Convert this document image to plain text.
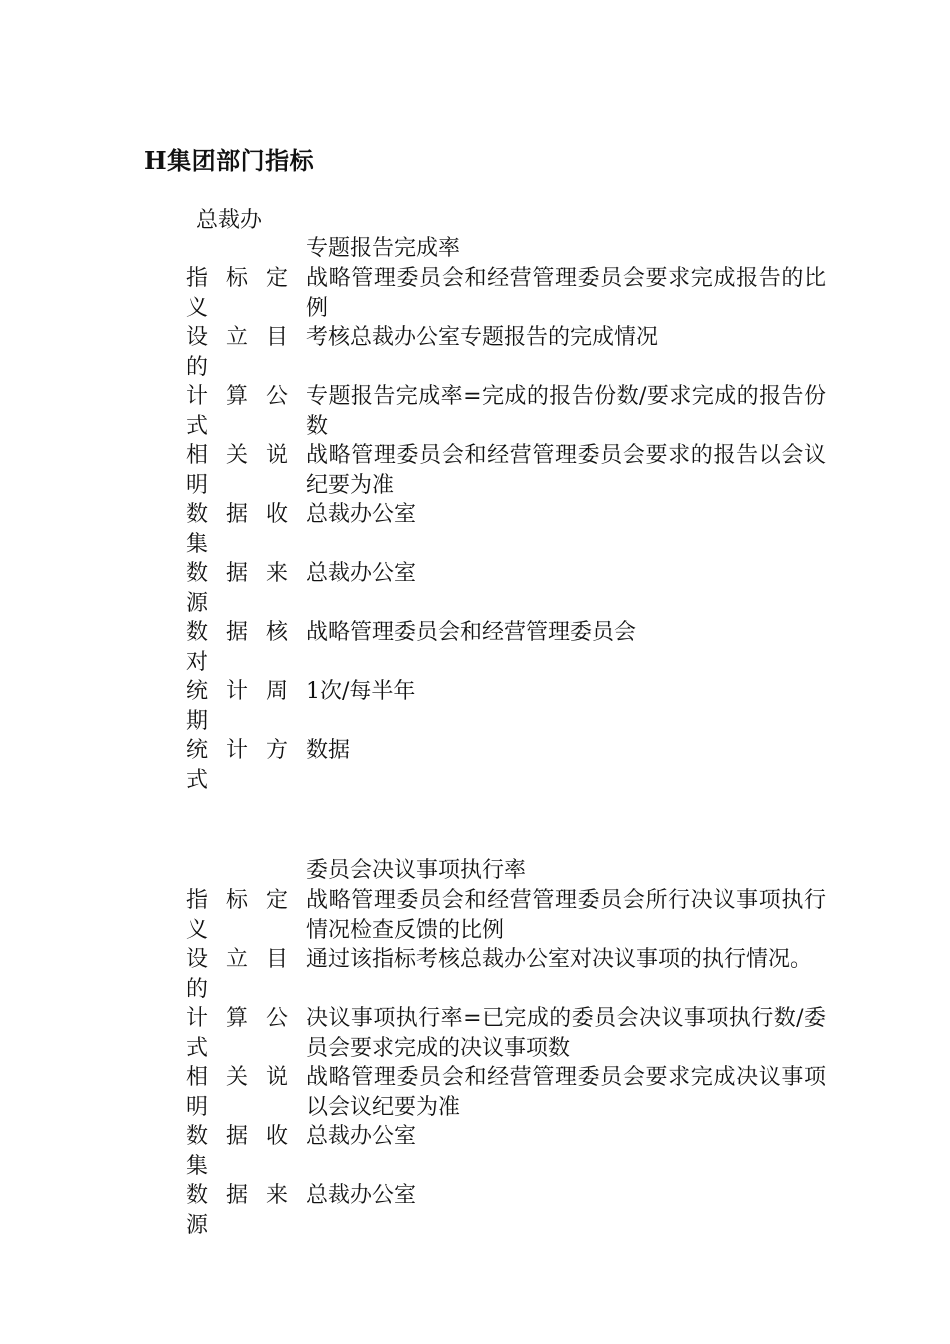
H集团部门指标
总裁办
专题报告完成率
指 标 定
义
战略管理委员会和经营管理委员会要求完成报告的比例
设 立 目
的
考核总裁办公室专题报告的完成情况
计 算 公
式
专题报告完成率=完成的报告份数/要求完成的报告份数
相 关 说
明
战略管理委员会和经营管理委员会要求的报告以会议纪要为准
数 据 收
集
总裁办公室
数 据 来
源
总裁办公室
数 据 核
对
战略管理委员会和经营管理委员会
统 计 周
期
1次/每半年
统 计 方
式
数据
委员会决议事项执行率
指 标 定
义
战略管理委员会和经营管理委员会所行决议事项执行情况检查反馈的比例
设 立 目
的
通过该指标考核总裁办公室对决议事项的执行情况。
计 算 公
式
决议事项执行率=已完成的委员会决议事项执行数/委员会要求完成的决议事项数
相 关 说
明
战略管理委员会和经营管理委员会要求完成决议事项以会议纪要为准
数 据 收
集
总裁办公室
数 据 来
源
总裁办公室
